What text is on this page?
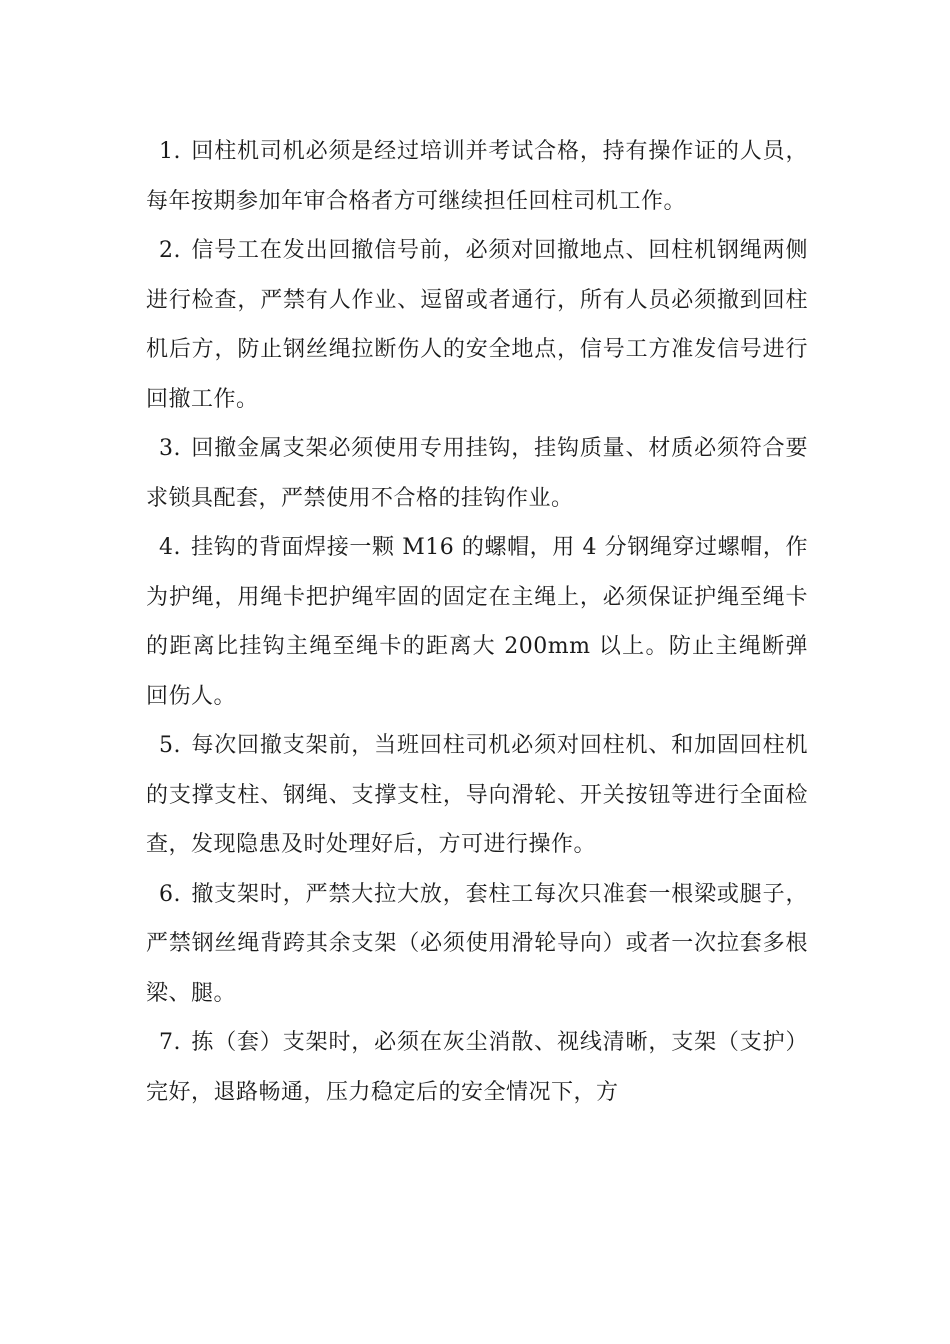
1. 回柱机司机必须是经过培训并考试合格，持有操作证的人员，每年按期参加年审合格者方可继续担任回柱司机工作。

2. 信号工在发出回撤信号前，必须对回撤地点、回柱机钢绳两侧进行检查，严禁有人作业、逗留或者通行，所有人员必须撤到回柱机后方，防止钢丝绳拉断伤人的安全地点，信号工方准发信号进行回撤工作。

3. 回撤金属支架必须使用专用挂钩，挂钩质量、材质必须符合要求锁具配套，严禁使用不合格的挂钩作业。

4. 挂钩的背面焊接一颗 M16 的螺帽，用 4 分钢绳穿过螺帽，作为护绳，用绳卡把护绳牢固的固定在主绳上，必须保证护绳至绳卡的距离比挂钩主绳至绳卡的距离大 200mm 以上。防止主绳断弹回伤人。

5. 每次回撤支架前，当班回柱司机必须对回柱机、和加固回柱机的支撑支柱、钢绳、支撑支柱，导向滑轮、开关按钮等进行全面检查，发现隐患及时处理好后，方可进行操作。

6. 撤支架时，严禁大拉大放，套柱工每次只准套一根梁或腿子，严禁钢丝绳背跨其余支架（必须使用滑轮导向）或者一次拉套多根梁、腿。

7. 拣（套）支架时，必须在灰尘消散、视线清晰，支架（支护）完好，退路畅通，压力稳定后的安全情况下，方
